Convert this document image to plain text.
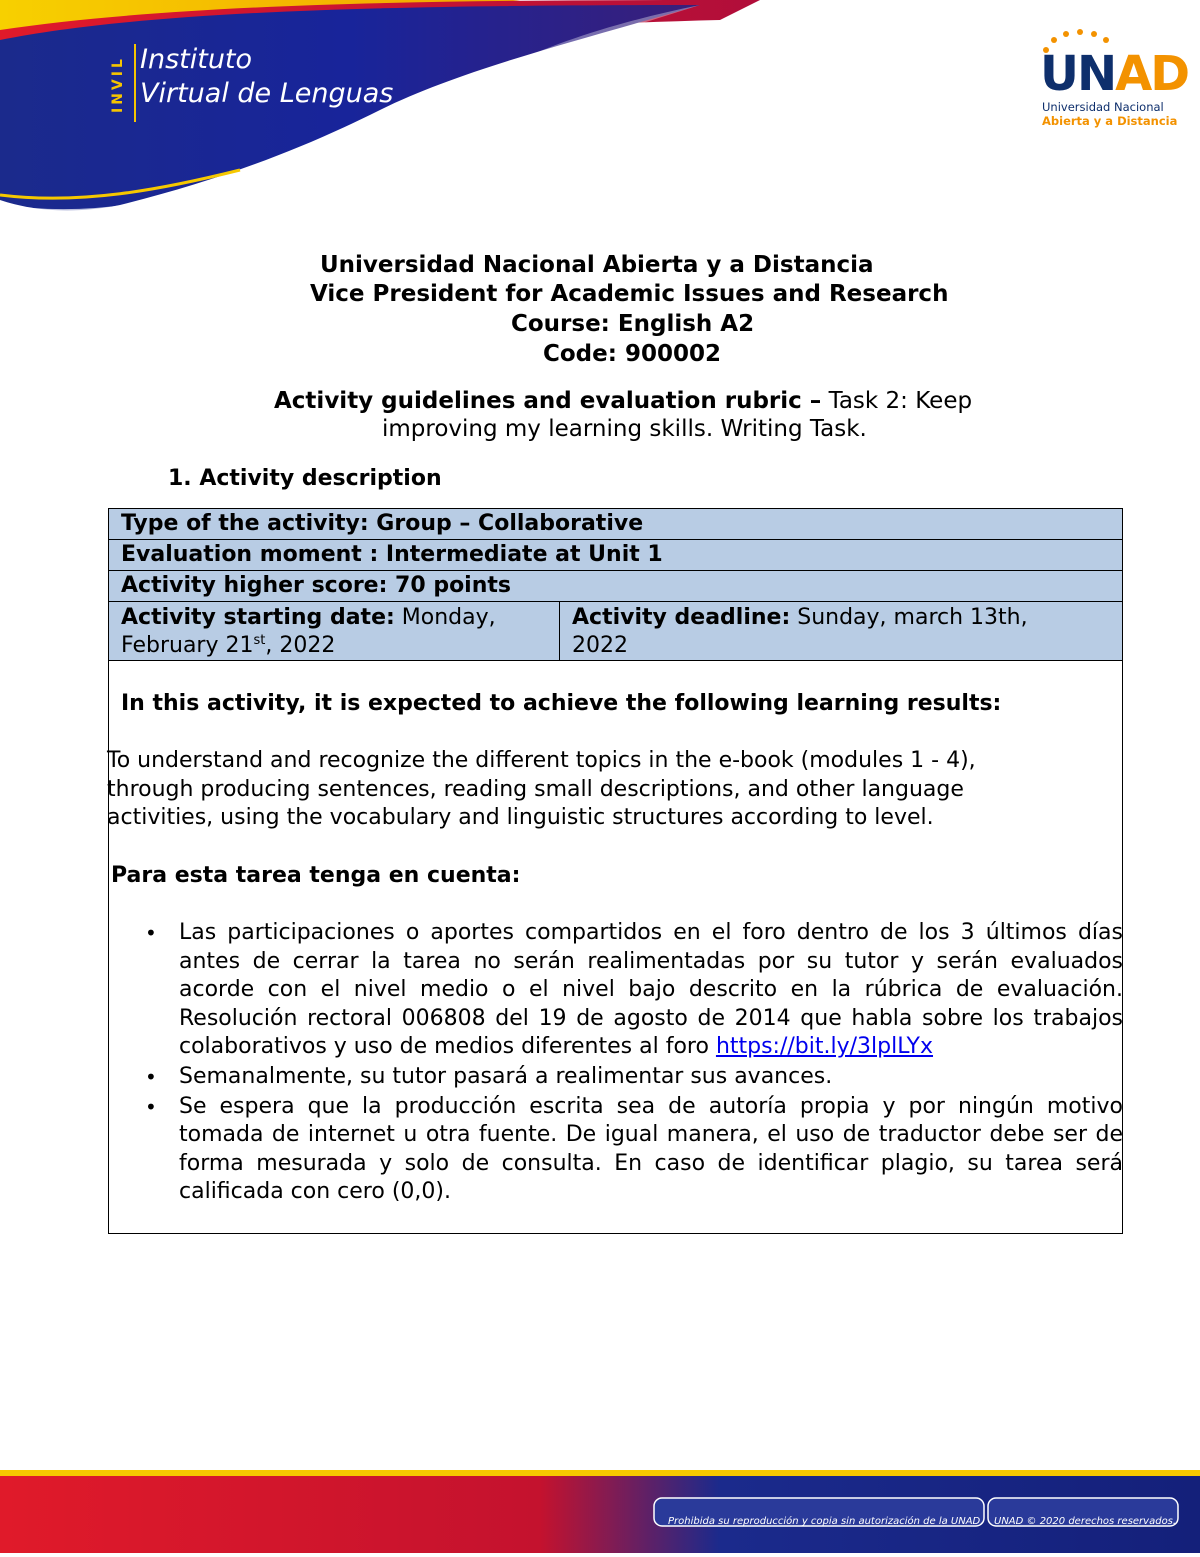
INVIL Instituto
Virtual de Lenguas	UNAD
Universidad Nacional
Abierta y a Distancia
Universidad Nacional Abierta y a Distancia
Vice President for Academic Issues and Research
Course: English A2
Code: 900002
Activity guidelines and evaluation rubric – Task 2: Keep
improving my learning skills. Writing Task.
1. Activity description
Type of the activity: Group – Collaborative
Evaluation moment : Intermediate at Unit 1
Activity higher score: 70 points
Activity starting date: Monday,
February 21st, 2022
Activity deadline: Sunday, march 13th,
2022
In this activity, it is expected to achieve the following learning results:
To understand and recognize the different topics in the e-book (modules 1 - 4), through producing sentences, reading small descriptions, and other language activities, using the vocabulary and linguistic structures according to level.
Para esta tarea tenga en cuenta:
• Las participaciones o aportes compartidos en el foro dentro de los 3 últimos días antes de cerrar la tarea no serán realimentadas por su tutor y serán evaluados acorde con el nivel medio o el nivel bajo descrito en la rúbrica de evaluación. Resolución rectoral 006808 del 19 de agosto de 2014 que habla sobre los trabajos colaborativos y uso de medios diferentes al foro https://bit.ly/3lplLYx
• Semanalmente, su tutor pasará a realimentar sus avances.
• Se espera que la producción escrita sea de autoría propia y por ningún motivo tomada de internet u otra fuente. De igual manera, el uso de traductor debe ser de forma mesurada y solo de consulta. En caso de identificar plagio, su tarea será calificada con cero (0,0).
Prohibida su reproducción y copia sin autorización de la UNAD. UNAD © 2020 derechos reservados.
